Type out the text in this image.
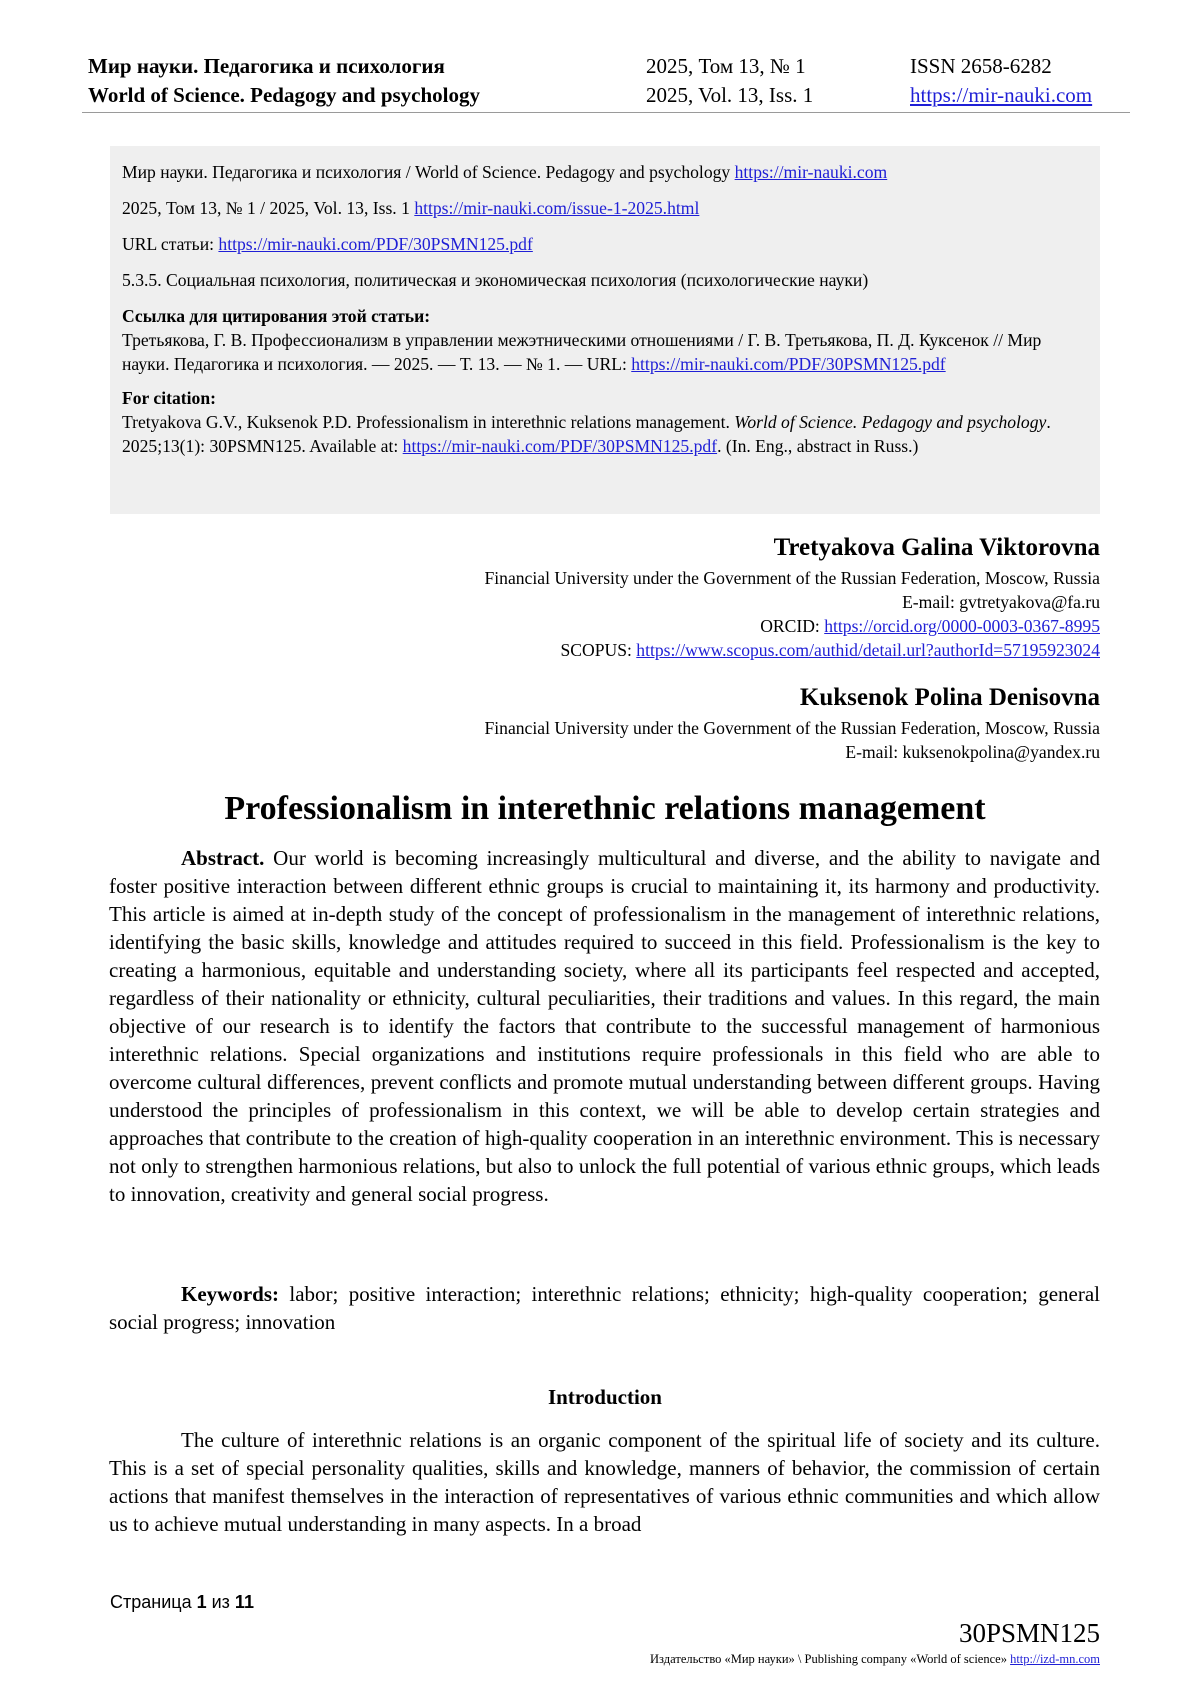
Мир науки. Педагогика и психология
World of Science. Pedagogy and psychology
2025, Том 13, № 1
2025, Vol. 13, Iss. 1
ISSN 2658-6282
https://mir-nauki.com

Мир науки. Педагогика и психология / World of Science. Pedagogy and psychology https://mir-nauki.com

2025, Том 13, № 1 / 2025, Vol. 13, Iss. 1 https://mir-nauki.com/issue-1-2025.html

URL статьи: https://mir-nauki.com/PDF/30PSMN125.pdf

5.3.5. Социальная психология, политическая и экономическая психология (психологические науки)

Ссылка для цитирования этой статьи:
Третьякова, Г. В. Профессионализм в управлении межэтническими отношениями / Г. В. Третьякова, П. Д. Куксенок // Мир науки. Педагогика и психология. — 2025. — Т. 13. — № 1. — URL: https://mir-nauki.com/PDF/30PSMN125.pdf
For citation:
Tretyakova G.V., Kuksenok P.D. Professionalism in interethnic relations management. World of Science. Pedagogy and psychology. 2025;13(1): 30PSMN125. Available at: https://mir-nauki.com/PDF/30PSMN125.pdf. (In. Eng., abstract in Russ.)
Tretyakova Galina Viktorovna
Financial University under the Government of the Russian Federation, Moscow, Russia
E-mail: gvtretyakova@fa.ru
ORCID: https://orcid.org/0000-0003-0367-8995
SCOPUS: https://www.scopus.com/authid/detail.url?authorId=57195923024
Kuksenok Polina Denisovna
Financial University under the Government of the Russian Federation, Moscow, Russia
E-mail: kuksenokpolina@yandex.ru
Professionalism in interethnic relations management

Abstract. Our world is becoming increasingly multicultural and diverse, and the ability to navigate and foster positive interaction between different ethnic groups is crucial to maintaining it, its harmony and productivity. This article is aimed at in-depth study of the concept of professionalism in the management of interethnic relations, identifying the basic skills, knowledge and attitudes required to succeed in this field. Professionalism is the key to creating a harmonious, equitable and understanding society, where all its participants feel respected and accepted, regardless of their nationality or ethnicity, cultural peculiarities, their traditions and values. In this regard, the main objective of our research is to identify the factors that contribute to the successful management of harmonious interethnic relations. Special organizations and institutions require professionals in this field who are able to overcome cultural differences, prevent conflicts and promote mutual understanding between different groups. Having understood the principles of professionalism in this context, we will be able to develop certain strategies and approaches that contribute to the creation of high-quality cooperation in an interethnic environment. This is necessary not only to strengthen harmonious relations, but also to unlock the full potential of various ethnic groups, which leads to innovation, creativity and general social progress.

Keywords: labor; positive interaction; interethnic relations; ethnicity; high-quality cooperation; general social progress; innovation

Introduction

The culture of interethnic relations is an organic component of the spiritual life of society and its culture. This is a set of special personality qualities, skills and knowledge, manners of behavior, the commission of certain actions that manifest themselves in the interaction of representatives of various ethnic communities and which allow us to achieve mutual understanding in many aspects. In a broad

Страница 1 из 11
30PSMN125
Издательство «Мир науки» \ Publishing company «World of science» http://izd-mn.com
